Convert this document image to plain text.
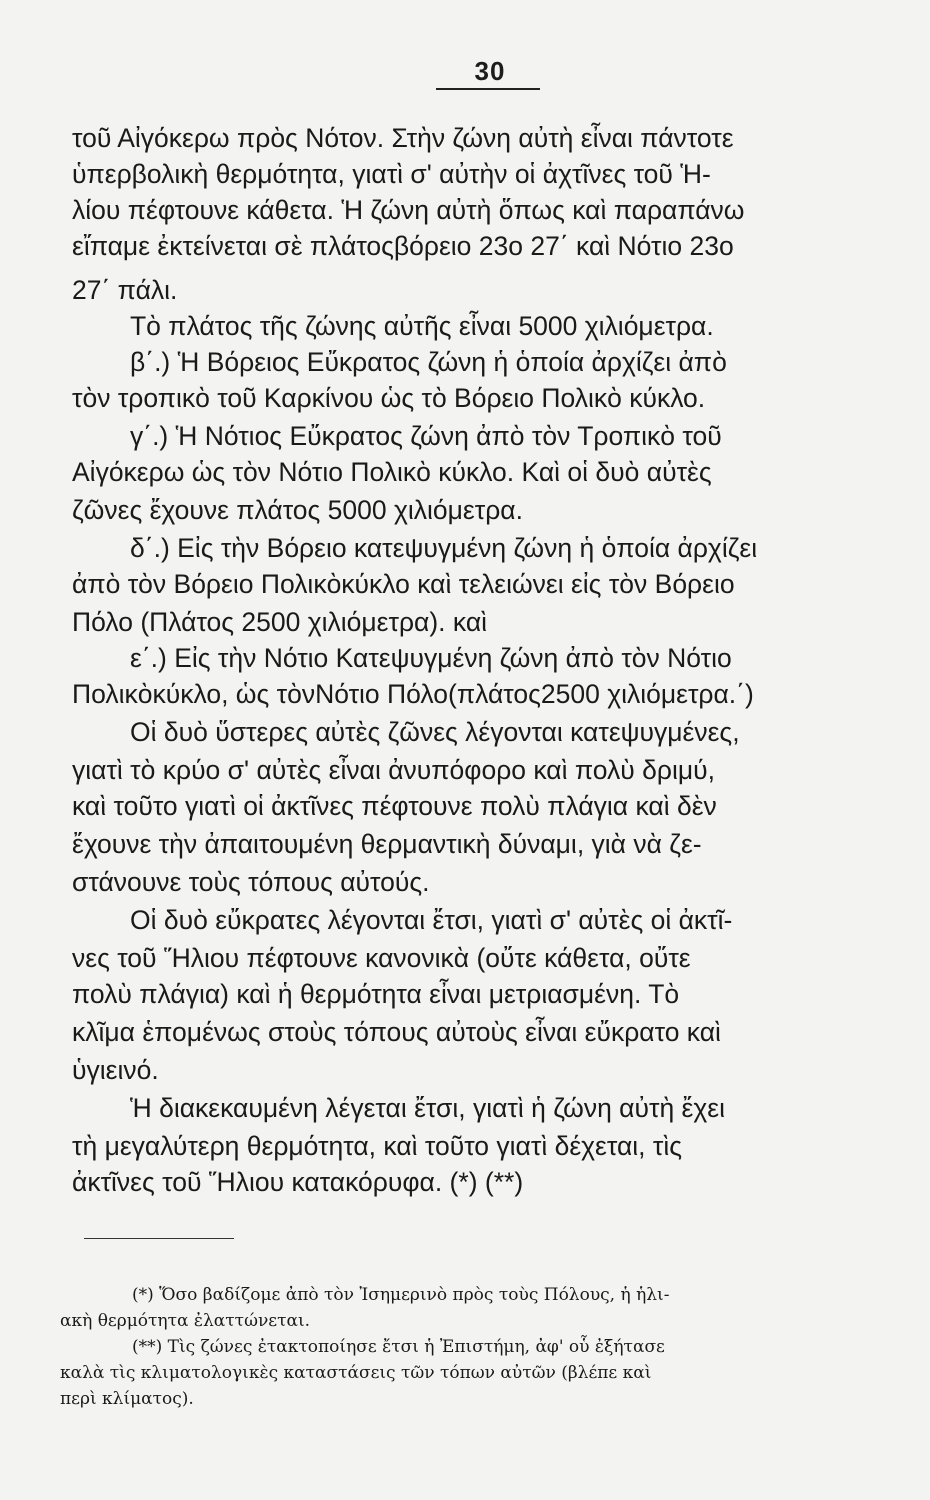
30
τοῦ Αἰγόκερω πρὸς Νότον. Στὴν ζώνη αὐτὴ εἶναι πάντοτε
ὑπερβολικὴ θερμότητα, γιατὶ σ' αὐτὴν οἱ ἀχτῖνες τοῦ Ἡ-
λίου πέφτουνε κάθετα. Ἡ ζώνη αὐτὴ ὅπως καὶ παραπάνω
εἴπαμε ἐκτείνεται σὲ πλάτοςβόρειο 23ο 27΄ καὶ Νότιο 23ο
27΄ πάλι.
Τὸ πλάτος τῆς ζώνης αὐτῆς εἶναι 5000 χιλιόμετρα.
β΄.) Ἡ Βόρειος Εὔκρατος ζώνη ἡ ὁποία ἀρχίζει ἀπὸ
τὸν τροπικὸ τοῦ Καρκίνου ὡς τὸ Βόρειο Πολικὸ κύκλο.
γ΄.) Ἡ Νότιος Εὔκρατος ζώνη ἀπὸ τὸν Τροπικὸ τοῦ
Αἰγόκερω ὡς τὸν Νότιο Πολικὸ κύκλο. Καὶ οἱ δυὸ αὐτὲς
ζῶνες ἔχουνε πλάτος 5000 χιλιόμετρα.
δ΄.) Εἰς τὴν Βόρειο κατεψυγμένη ζώνη ἡ ὁποία ἀρχίζει
ἀπὸ τὸν Βόρειο Πολικὸκύκλο καὶ τελειώνει εἰς τὸν Βόρειο
Πόλο (Πλάτος 2500 χιλιόμετρα). καὶ
ε΄.) Εἰς τὴν Νότιο Κατεψυγμένη ζώνη ἀπὸ τὸν Νότιο
Πολικὸκύκλο, ὡς τὸνΝότιο Πόλο(πλάτος2500 χιλιόμετρα.΄)
Οἱ δυὸ ὕστερες αὐτὲς ζῶνες λέγονται κατεψυγμένες,
γιατὶ τὸ κρύο σ' αὐτὲς εἶναι ἀνυπόφορο καὶ πολὺ δριμύ,
καὶ τοῦτο γιατὶ οἱ ἀκτῖνες πέφτουνε πολὺ πλάγια καὶ δὲν
ἔχουνε τὴν ἀπαιτουμένη θερμαντικὴ δύναμι, γιὰ νὰ ζε-
στάνουνε τοὺς τόπους αὐτούς.
Οἱ δυὸ εὔκρατες λέγονται ἔτσι, γιατὶ σ' αὐτὲς οἱ ἀκτῖ-
νες τοῦ Ἥλιου πέφτουνε κανονικὰ (οὔτε κάθετα, οὔτε
πολὺ πλάγια) καὶ ἡ θερμότητα εἶναι μετριασμένη. Τὸ
κλῖμα ἑπομένως στοὺς τόπους αὐτοὺς εἶναι εὔκρατο καὶ
ὑγιεινό.
Ἡ διακεκαυμένη λέγεται ἔτσι, γιατὶ ἡ ζώνη αὐτὴ ἔχει
τὴ μεγαλύτερη θερμότητα, καὶ τοῦτο γιατὶ δέχεται, τὶς
ἀκτῖνες τοῦ Ἥλιου κατακόρυφα. (*) (**)
(*) Ὅσο βαδίζομε ἀπὸ τὸν Ἰσημερινὸ πρὸς τοὺς Πόλους, ἡ ἡλι-
ακὴ θερμότητα ἐλαττώνεται.
(**) Τὶς ζώνες ἐτακτοποίησε ἔτσι ἡ Ἐπιστήμη, ἀφ' οὗ ἐξήτασε
καλὰ τὶς κλιματολογικὲς καταστάσεις τῶν τόπων αὐτῶν (βλέπε καὶ
περὶ κλίματος).
